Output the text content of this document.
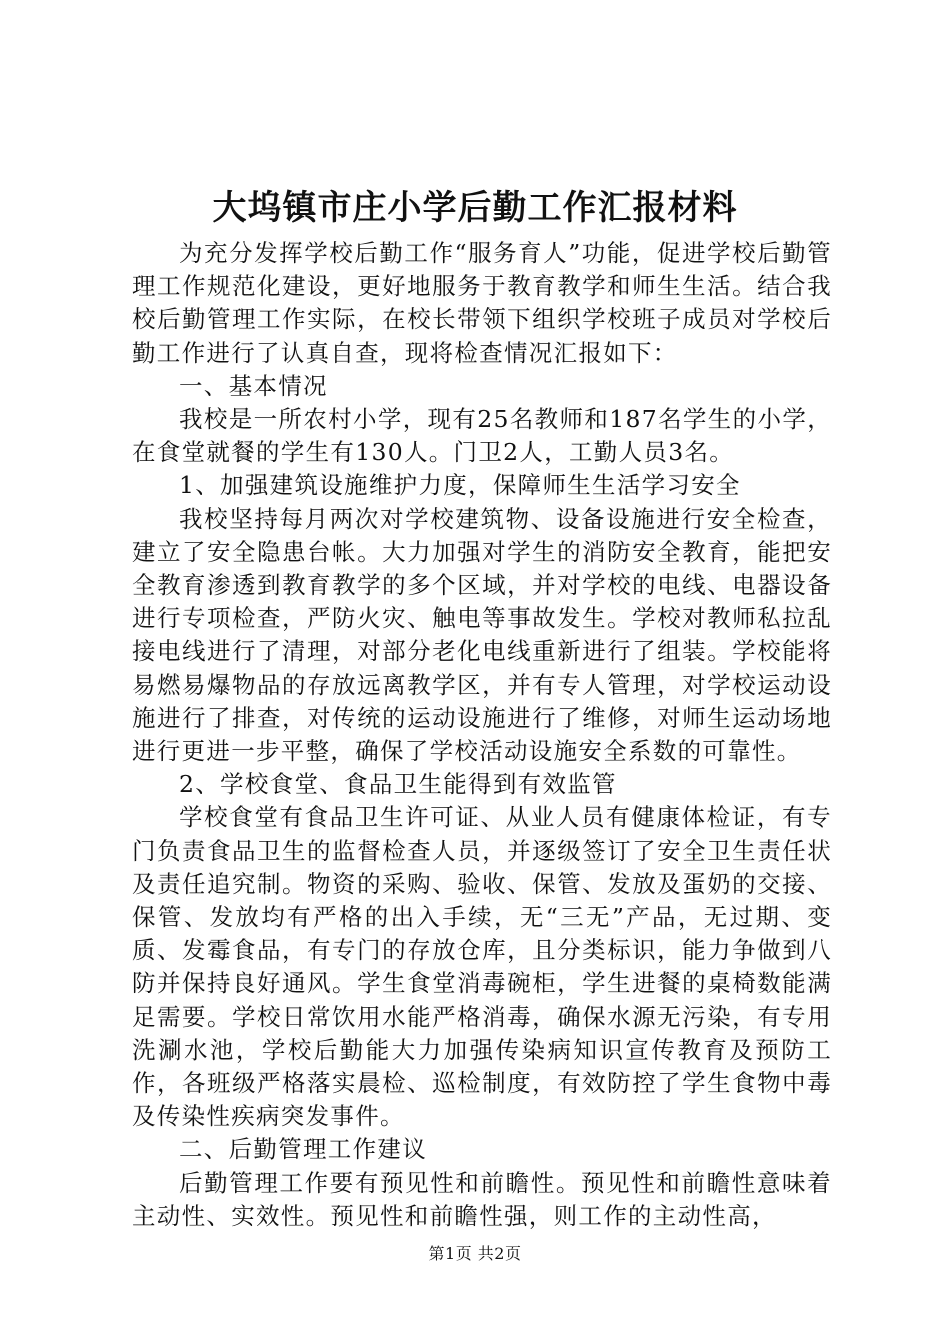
大坞镇市庄小学后勤工作汇报材料

为充分发挥学校后勤工作“服务育人”功能，促进学校后勤管理工作规范化建设，更好地服务于教育教学和师生生活。结合我校后勤管理工作实际，在校长带领下组织学校班子成员对学校后勤工作进行了认真自查，现将检查情况汇报如下：

一、基本情况

我校是一所农村小学，现有25名教师和187名学生的小学，在食堂就餐的学生有130人。门卫2人，工勤人员3名。

1、加强建筑设施维护力度，保障师生生活学习安全

我校坚持每月两次对学校建筑物、设备设施进行安全检查，建立了安全隐患台帐。大力加强对学生的消防安全教育，能把安全教育渗透到教育教学的多个区域，并对学校的电线、电器设备进行专项检查，严防火灾、触电等事故发生。学校对教师私拉乱接电线进行了清理，对部分老化电线重新进行了组装。学校能将易燃易爆物品的存放远离教学区，并有专人管理，对学校运动设施进行了排查，对传统的运动设施进行了维修，对师生运动场地进行更进一步平整，确保了学校活动设施安全系数的可靠性。

2、学校食堂、食品卫生能得到有效监管

学校食堂有食品卫生许可证、从业人员有健康体检证，有专门负责食品卫生的监督检查人员，并逐级签订了安全卫生责任状及责任追究制。物资的采购、验收、保管、发放及蛋奶的交接、保管、发放均有严格的出入手续，无“三无”产品，无过期、变质、发霉食品，有专门的存放仓库，且分类标识，能力争做到八防并保持良好通风。学生食堂消毒碗柜，学生进餐的桌椅数能满足需要。学校日常饮用水能严格消毒，确保水源无污染，有专用洗涮水池，学校后勤能大力加强传染病知识宣传教育及预防工作，各班级严格落实晨检、巡检制度，有效防控了学生食物中毒及传染性疾病突发事件。

二、后勤管理工作建议

后勤管理工作要有预见性和前瞻性。预见性和前瞻性意味着主动性、实效性。预见性和前瞻性强，则工作的主动性高，

第1页 共2页
